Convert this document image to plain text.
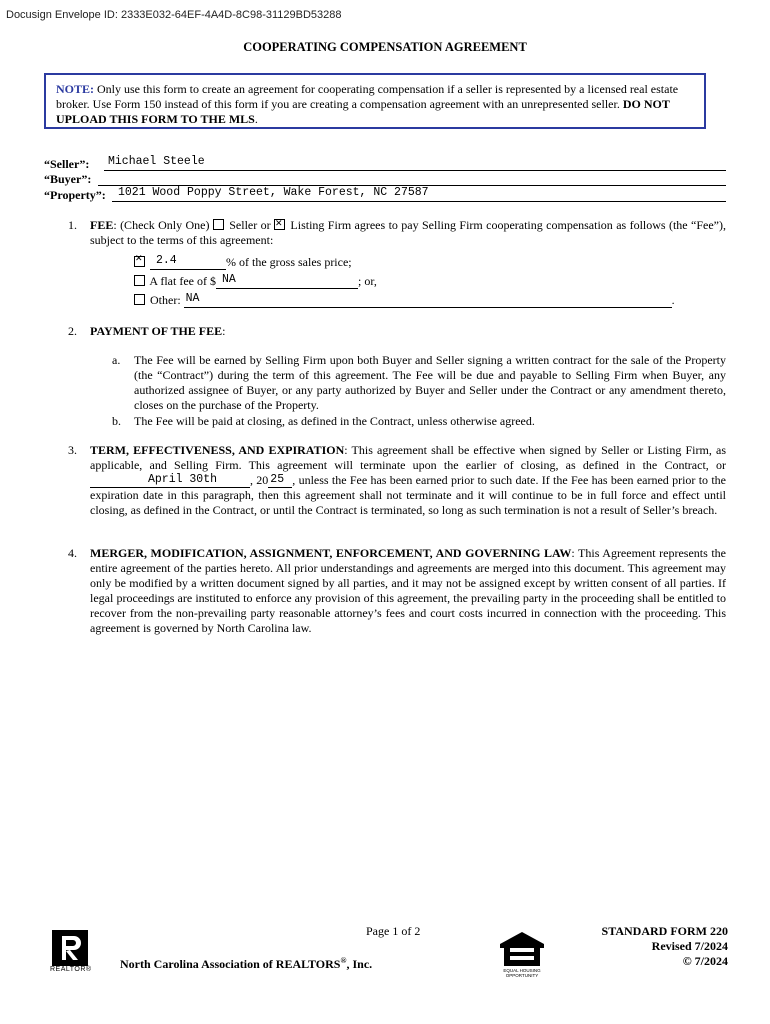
Docusign Envelope ID: 2333E032-64EF-4A4D-8C98-31129BD53288
COOPERATING COMPENSATION AGREEMENT
NOTE: Only use this form to create an agreement for cooperating compensation if a seller is represented by a licensed real estate broker. Use Form 150 instead of this form if you are creating a compensation agreement with an unrepresented seller. DO NOT UPLOAD THIS FORM TO THE MLS.
“Seller”: Michael Steele
“Buyer”:
“Property”: 1021 Wood Poppy Street, Wake Forest, NC 27587
1. FEE: (Check Only One)  Seller or ✕ Listing Firm agrees to pay Selling Firm cooperating compensation as follows (the “Fee”), subject to the terms of this agreement:
✕
2.4	% of the gross sales price;
A flat fee of $ NA	; or,
Other: NA	.
2. PAYMENT OF THE FEE:
a. The Fee will be earned by Selling Firm upon both Buyer and Seller signing a written contract for the sale of the Property (the “Contract”) during the term of this agreement. The Fee will be due and payable to Selling Firm when Buyer, any authorized assignee of Buyer, or any party authorized by Buyer and Seller under the Contract or any amendment thereto, closes on the purchase of the Property.
b. The Fee will be paid at closing, as defined in the Contract, unless otherwise agreed.
3. TERM, EFFECTIVENESS, AND EXPIRATION: This agreement shall be effective when signed by Seller or Listing Firm, as applicable, and Selling Firm. This agreement will terminate upon the earlier of closing, as defined in the Contract, or
April 30th	, 20 25 , unless the Fee has been earned prior to such date. If the Fee has been earned prior to the expiration date in this paragraph, then this agreement shall not terminate and it will continue to be in full force and effect until closing, as defined in the Contract, or until the Contract is terminated, so long as such termination is not a result of Seller’s breach.
4. MERGER, MODIFICATION, ASSIGNMENT, ENFORCEMENT, AND GOVERNING LAW: This Agreement represents the entire agreement of the parties hereto. All prior understandings and agreements are merged into this document. This agreement may only be modified by a written document signed by all parties, and it may not be assigned except by written consent of all parties. If legal proceedings are instituted to enforce any provision of this agreement, the prevailing party in the proceeding shall be entitled to recover from the non-prevailing party reasonable attorney’s fees and court costs incurred in connection with the proceeding. This agreement is governed by North Carolina law.
REALTOR®
Page 1 of 2
North Carolina Association of REALTORS®, Inc.	EQUAL HOUSING OPPORTUNITY
STANDARD FORM 220
Revised 7/2024
© 7/2024
